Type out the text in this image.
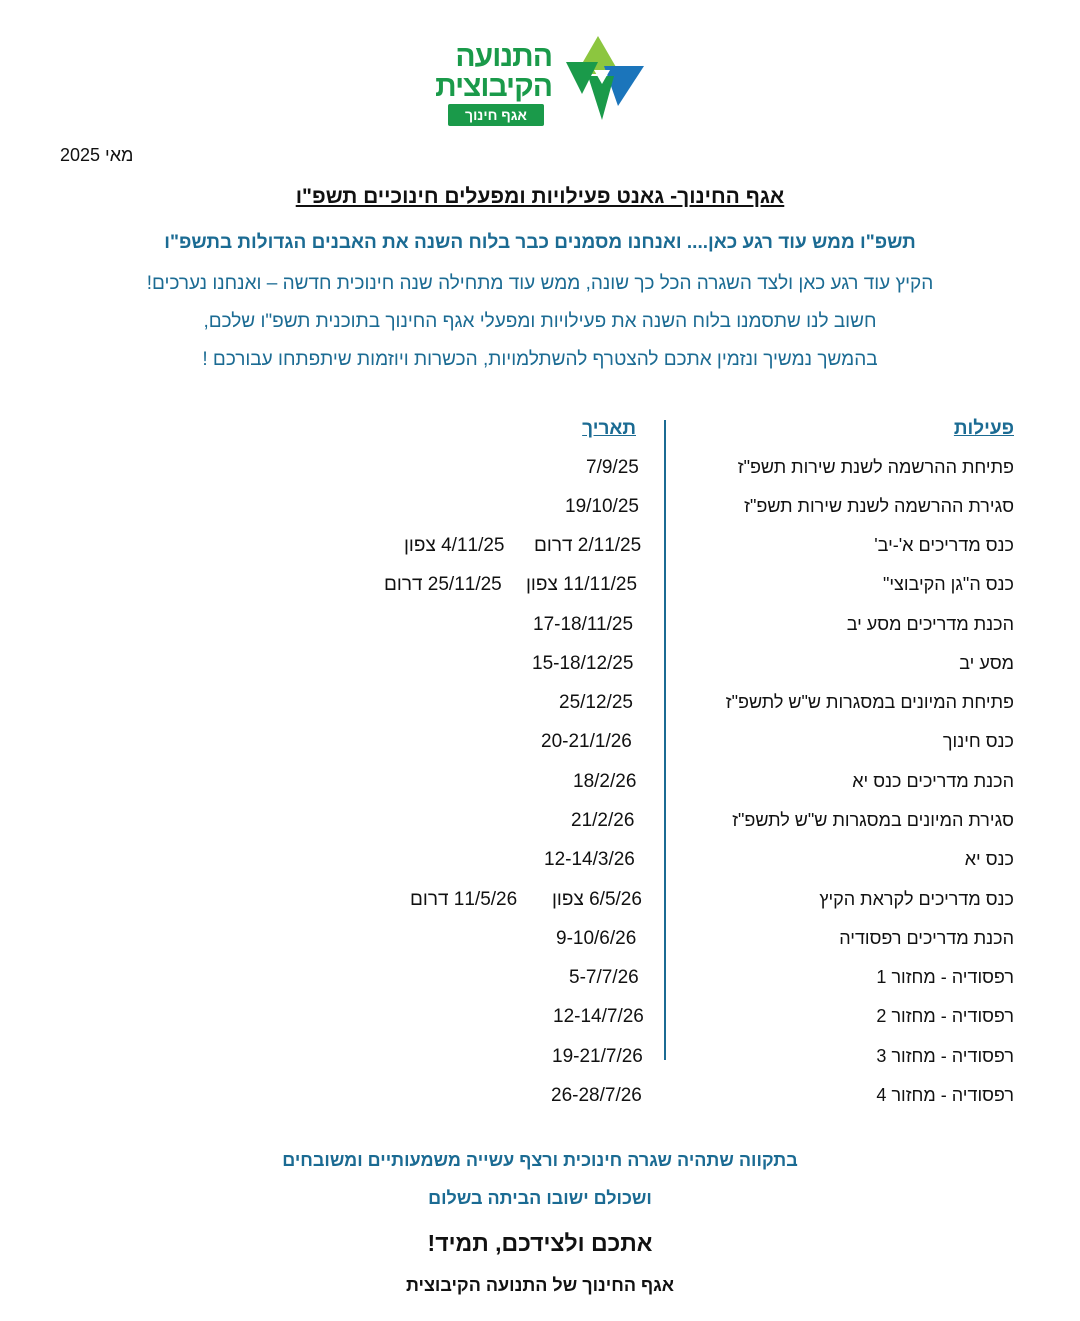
התנועה
הקיבוצית
אגף חינוך
מאי 2025
אגף החינוך- גאנט פעילויות ומפעלים חינוכיים תשפ"ו
תשפ"ו ממש עוד רגע כאן.... ואנחנו מסמנים כבר בלוח השנה את האבנים הגדולות בתשפ"ו
הקיץ עוד רגע כאן ולצד השגרה הכל כך שונה, ממש עוד מתחילה שנה חינוכית חדשה – ואנחנו נערכים!
חשוב לנו שתסמנו בלוח השנה את פעילויות ומפעלי אגף החינוך בתוכנית תשפ"ו שלכם,
בהמשך נמשיך ונזמין אתכם להצטרף להשתלמויות, הכשרות ויוזמות שיתפתחו עבורכם !
פעילות
תאריך
פתיחת ההרשמה לשנת שירות תשפ"ז
7/9/25
סגירת ההרשמה לשנת שירות תשפ"ז
19/10/25
כנס מדריכים א'-יב'
4/11/25 צפון 2/11/25 דרום
כנס ה"גן הקיבוצי"
25/11/25 דרום 11/11/25 צפון
הכנת מדריכים מסע יב
17-18/11/25
מסע יב
15-18/12/25
פתיחת המיונים במסגרות ש"ש לתשפ"ז
25/12/25
כנס חינוך
20-21/1/26
הכנת מדריכים כנס יא
18/2/26
סגירת המיונים במסגרות ש"ש לתשפ"ז
21/2/26
כנס יא
12-14/3/26
כנס מדריכים לקראת הקיץ
11/5/26 דרום 6/5/26 צפון
הכנת מדריכים רפסודיה
9-10/6/26
רפסודיה - מחזור 1
5-7/7/26
רפסודיה - מחזור 2
12-14/7/26
רפסודיה - מחזור 3
19-21/7/26
רפסודיה - מחזור 4
26-28/7/26
בתקווה שתהיה שגרה חינוכית ורצף עשייה משמעותיים ומשובחים
ושכולם ישובו הביתה בשלום
אתכם ולצידכם, תמיד!
אגף החינוך של התנועה הקיבוצית
